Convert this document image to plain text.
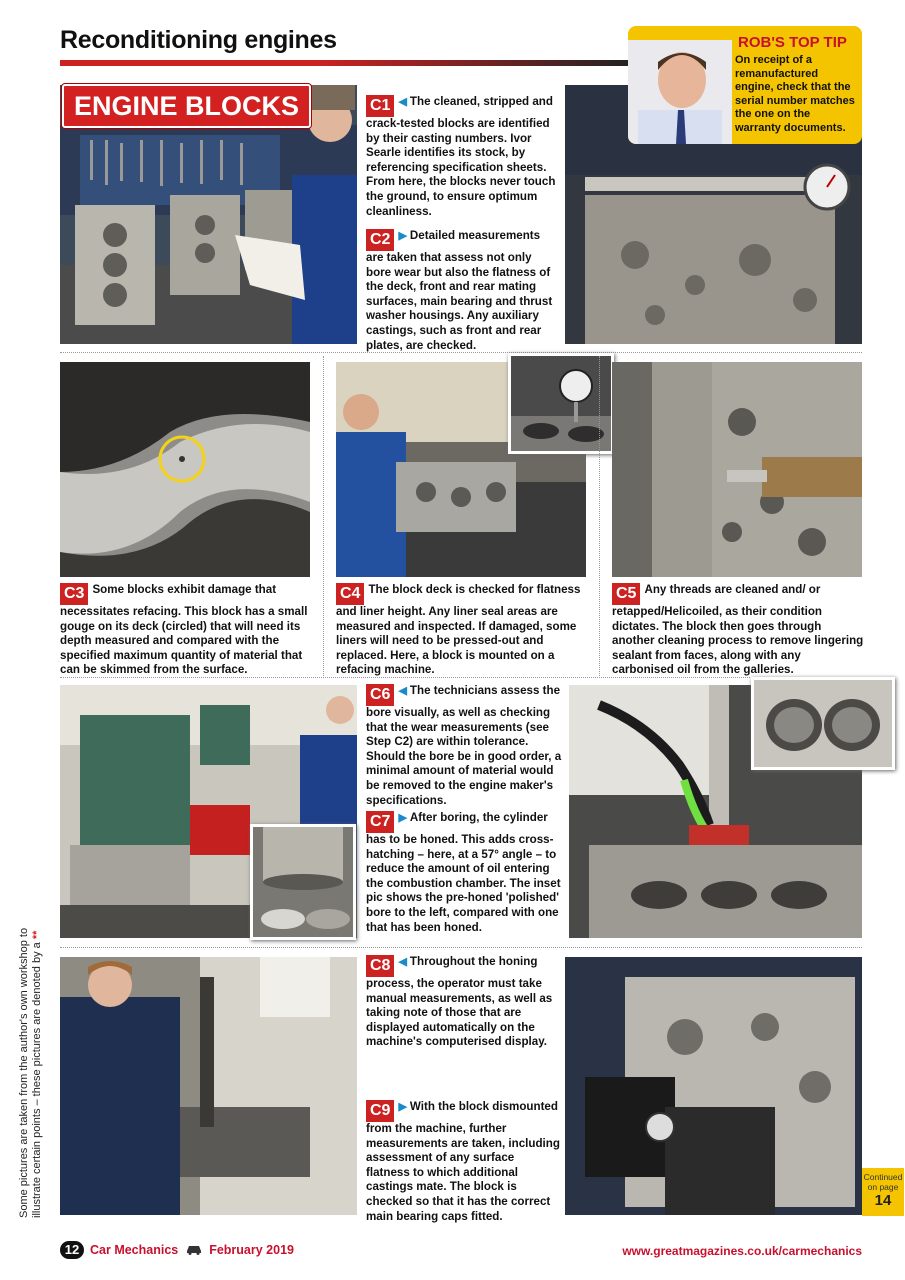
Reconditioning engines
ENGINE BLOCKS
ROB'S TOP TIP
On receipt of a remanufactured engine, check that the serial number matches the one on the warranty documents.
C1 ◀ The cleaned, stripped and crack-tested blocks are identified by their casting numbers. Ivor Searle identifies its stock, by referencing specification sheets. From here, the blocks never touch the ground, to ensure optimum cleanliness.
C2 ▶ Detailed measurements are taken that assess not only bore wear but also the flatness of the deck, front and rear mating surfaces, main bearing and thrust washer housings. Any auxiliary castings, such as front and rear plates, are checked.
C3 Some blocks exhibit damage that necessitates refacing. This block has a small gouge on its deck (circled) that will need its depth measured and compared with the specified maximum quantity of material that can be skimmed from the surface.
C4 The block deck is checked for flatness and liner height. Any liner seal areas are measured and inspected. If damaged, some liners will need to be pressed-out and replaced. Here, a block is mounted on a refacing machine.
C5 Any threads are cleaned and/ or retapped/Helicoiled, as their condition dictates. The block then goes through another cleaning process to remove lingering sealant from faces, along with any carbonised oil from the galleries.
C6 ◀ The technicians assess the bore visually, as well as checking that the wear measurements (see Step C2) are within tolerance. Should the bore be in good order, a minimal amount of material would be removed to the engine maker's specifications.
C7 ▶ After boring, the cylinder has to be honed. This adds cross-hatching – here, at a 57° angle – to reduce the amount of oil entering the combustion chamber. The inset pic shows the pre-honed 'polished' bore to the left, compared with one that has been honed.
C8 ◀ Throughout the honing process, the operator must take manual measurements, as well as taking note of those that are displayed automatically on the machine's computerised display.
C9 ▶ With the block dismounted from the machine, further measurements are taken, including assessment of any surface flatness to which additional castings mate. The block is checked so that it has the correct main bearing caps fitted.
Continued on page
14
Some pictures are taken from the author's own workshop to illustrate certain points – these pictures are denoted by a **
12 Car Mechanics February 2019	www.greatmagazines.co.uk/carmechanics
